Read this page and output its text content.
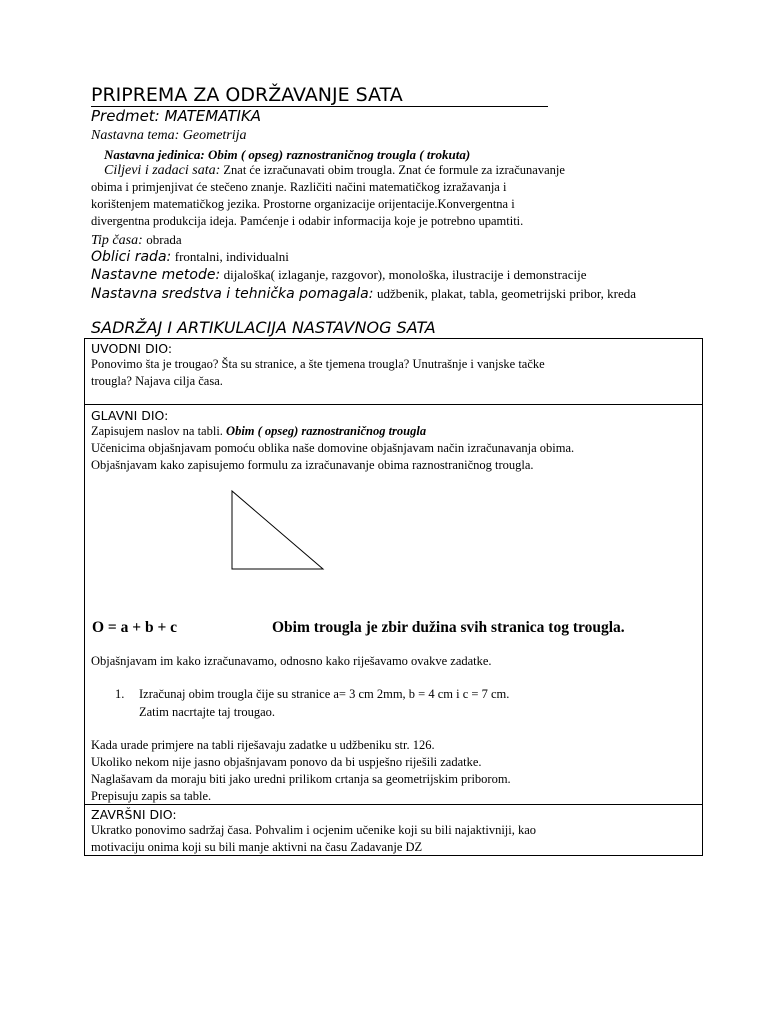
PRIPREMA ZA ODRŽAVANJE SATA
Predmet: MATEMATIKA
Nastavna tema: Geometrija
Nastavna jedinica: Obim ( opseg) raznostraničnog trougla ( trokuta)
Ciljevi i zadaci sata: Znat će izračunavati obim trougla. Znat će formule za izračunavanje
obima i primjenjivat će stečeno znanje. Različiti načini matematičkog izražavanja i
korištenjem matematičkog jezika. Prostorne organizacije orijentacije.Konvergentna i
divergentna produkcija ideja. Pamćenje i odabir informacija koje je potrebno upamtiti.
Tip časa: obrada
Oblici rada: frontalni, individualni
Nastavne metode: dijaloška( izlaganje, razgovor), monološka, ilustracije i demonstracije
Nastavna sredstva i tehnička pomagala: udžbenik, plakat, tabla, geometrijski pribor, kreda
SADRŽAJ I ARTIKULACIJA NASTAVNOG SATA
UVODNI DIO:
Ponovimo šta je trougao? Šta su stranice, a šte tjemena trougla? Unutrašnje i vanjske tačke
trougla? Najava cilja časa.
GLAVNI DIO:
Zapisujem naslov na tabli. Obim ( opseg) raznostraničnog trougla
Učenicima objašnjavam pomoću oblika naše domovine objašnjavam način izračunavanja obima.
Objašnjavam kako zapisujemo formulu za izračunavanje obima raznostraničnog trougla.
O = a + b + c	Obim trougla je zbir dužina svih stranica tog trougla.
Objašnjavam im kako izračunavamo, odnosno kako riješavamo ovakve zadatke.
1. Izračunaj obim trougla čije su stranice a= 3 cm 2mm, b = 4 cm i c = 7 cm.
Zatim nacrtajte taj trougao.
Kada urade primjere na tabli riješavaju zadatke u udžbeniku str. 126.
Ukoliko nekom nije jasno objašnjavam ponovo da bi uspješno riješili zadatke.
Naglašavam da moraju biti jako uredni prilikom crtanja sa geometrijskim priborom.
Prepisuju zapis sa table.
ZAVRŠNI DIO:
Ukratko ponovimo sadržaj časa. Pohvalim i ocjenim učenike koji su bili najaktivniji, kao
motivaciju onima koji su bili manje aktivni na času Zadavanje DZ
